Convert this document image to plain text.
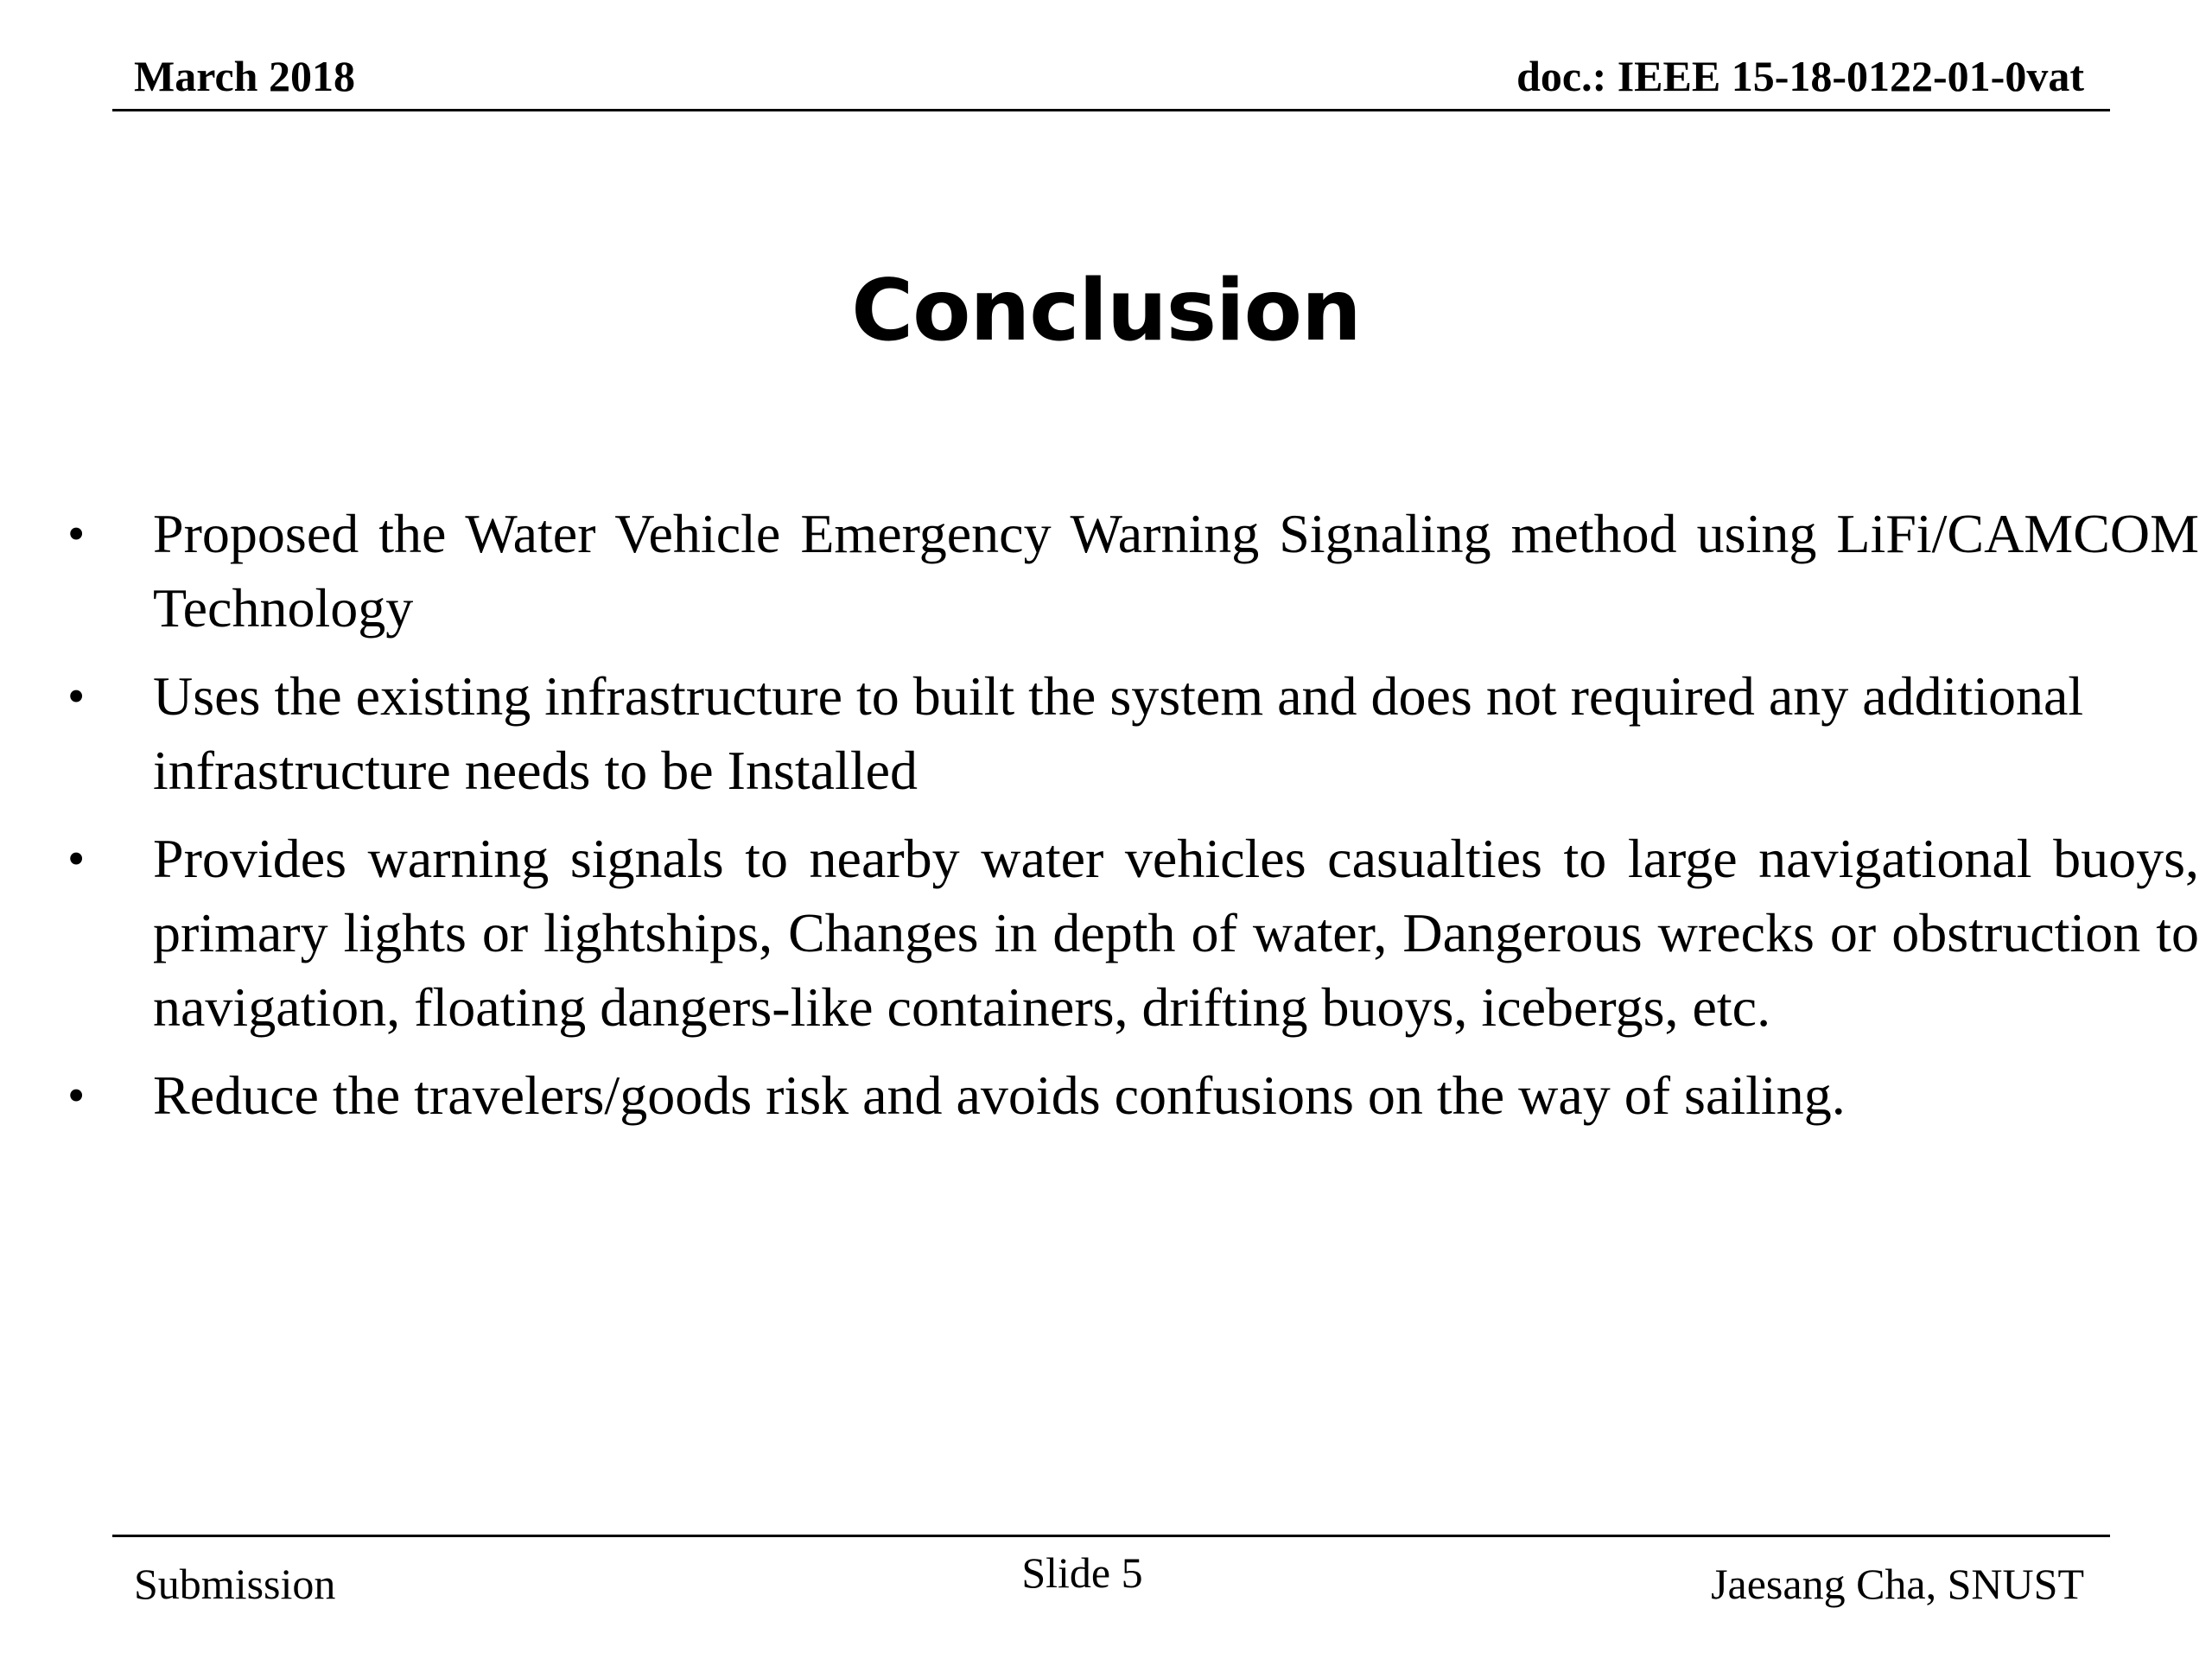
March 2018	doc.: IEEE 15-18-0122-01-0vat
Conclusion
• Proposed the Water Vehicle Emergency Warning Signaling method using LiFi/CAMCOM Technology
• Uses the existing infrastructure to built the system and does not required any additional infrastructure needs to be Installed
• Provides warning signals to nearby water vehicles casualties to large navigational buoys, primary lights or lightships, Changes in depth of water, Dangerous wrecks or obstruction to navigation, floating dangers-like containers, drifting buoys, icebergs, etc.
• Reduce the travelers/goods risk and avoids confusions on the way of sailing.
Submission	Slide 5	Jaesang Cha, SNUST
